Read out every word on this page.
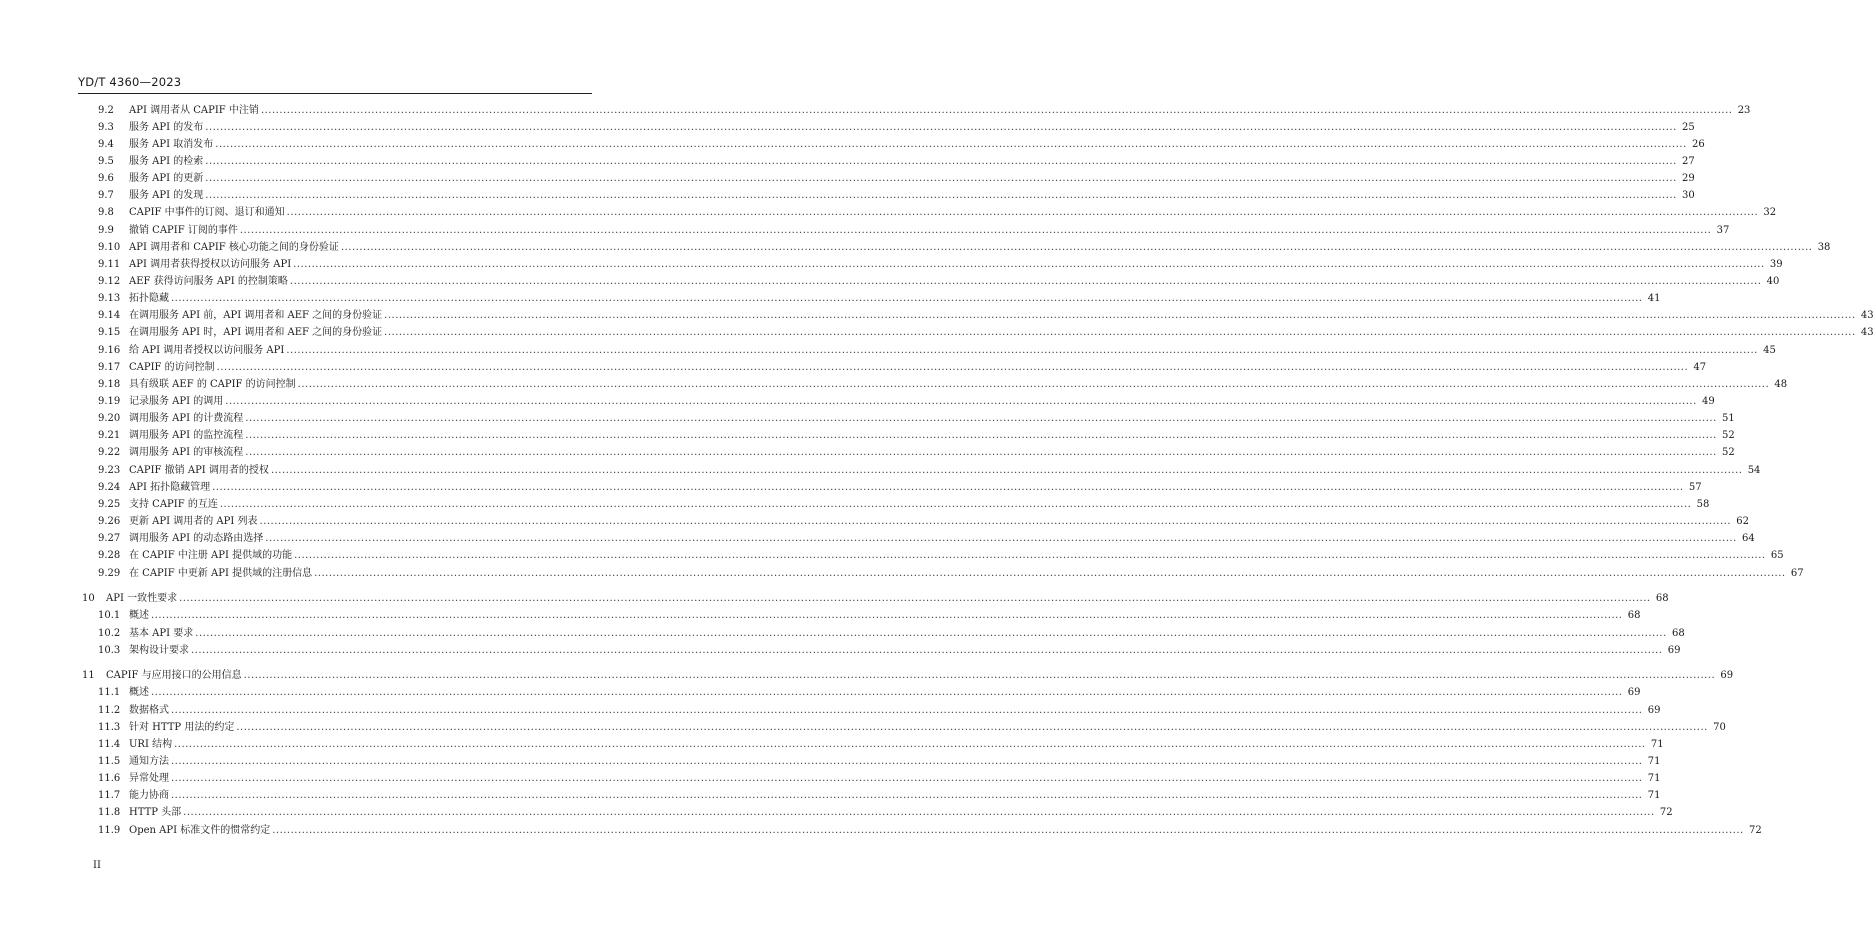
YD/T 4360—2023
9.2	API 调用者从 CAPIF 中注销 ................................................................................................................................................................................................................................................................................................................................................................................................................ 23
9.3	服务 API 的发布 ................................................................................................................................................................................................................................................................................................................................................................................................................ 25
9.4	服务 API 取消发布 ................................................................................................................................................................................................................................................................................................................................................................................................................ 26
9.5	服务 API 的检索 ................................................................................................................................................................................................................................................................................................................................................................................................................ 27
9.6	服务 API 的更新 ................................................................................................................................................................................................................................................................................................................................................................................................................ 29
9.7	服务 API 的发现 ................................................................................................................................................................................................................................................................................................................................................................................................................ 30
9.8	CAPIF 中事件的订阅、退订和通知 ................................................................................................................................................................................................................................................................................................................................................................................................................ 32
9.9	撤销 CAPIF 订阅的事件 ................................................................................................................................................................................................................................................................................................................................................................................................................ 37
9.10 API 调用者和 CAPIF 核心功能之间的身份验证 ................................................................................................................................................................................................................................................................................................................................................................................................................ 38
9.11 API 调用者获得授权以访问服务 API ................................................................................................................................................................................................................................................................................................................................................................................................................ 39
9.12 AEF 获得访问服务 API 的控制策略 ................................................................................................................................................................................................................................................................................................................................................................................................................ 40
9.13 拓扑隐藏 ................................................................................................................................................................................................................................................................................................................................................................................................................ 41
9.14 在调用服务 API 前，API 调用者和 AEF 之间的身份验证 ................................................................................................................................................................................................................................................................................................................................................................................................................ 43
9.15 在调用服务 API 时，API 调用者和 AEF 之间的身份验证 ................................................................................................................................................................................................................................................................................................................................................................................................................ 43
9.16 给 API 调用者授权以访问服务 API ................................................................................................................................................................................................................................................................................................................................................................................................................ 45
9.17 CAPIF 的访问控制 ................................................................................................................................................................................................................................................................................................................................................................................................................ 47
9.18 具有级联 AEF 的 CAPIF 的访问控制 ................................................................................................................................................................................................................................................................................................................................................................................................................ 48
9.19 记录服务 API 的调用 ................................................................................................................................................................................................................................................................................................................................................................................................................ 49
9.20 调用服务 API 的计费流程 ................................................................................................................................................................................................................................................................................................................................................................................................................ 51
9.21 调用服务 API 的监控流程 ................................................................................................................................................................................................................................................................................................................................................................................................................ 52
9.22 调用服务 API 的审核流程 ................................................................................................................................................................................................................................................................................................................................................................................................................ 52
9.23 CAPIF 撤销 API 调用者的授权 ................................................................................................................................................................................................................................................................................................................................................................................................................ 54
9.24 API 拓扑隐藏管理 ................................................................................................................................................................................................................................................................................................................................................................................................................ 57
9.25 支持 CAPIF 的互连 ................................................................................................................................................................................................................................................................................................................................................................................................................ 58
9.26 更新 API 调用者的 API 列表 ................................................................................................................................................................................................................................................................................................................................................................................................................ 62
9.27 调用服务 API 的动态路由选择 ................................................................................................................................................................................................................................................................................................................................................................................................................ 64
9.28 在 CAPIF 中注册 API 提供域的功能 ................................................................................................................................................................................................................................................................................................................................................................................................................ 65
9.29 在 CAPIF 中更新 API 提供域的注册信息 ................................................................................................................................................................................................................................................................................................................................................................................................................ 67
10	API 一致性要求 ................................................................................................................................................................................................................................................................................................................................................................................................................ 68
10.1 概述 ................................................................................................................................................................................................................................................................................................................................................................................................................ 68
10.2 基本 API 要求 ................................................................................................................................................................................................................................................................................................................................................................................................................ 68
10.3 架构设计要求 ................................................................................................................................................................................................................................................................................................................................................................................................................ 69
11	CAPIF 与应用接口的公用信息 ................................................................................................................................................................................................................................................................................................................................................................................................................ 69
11.1 概述 ................................................................................................................................................................................................................................................................................................................................................................................................................ 69
11.2 数据格式 ................................................................................................................................................................................................................................................................................................................................................................................................................ 69
11.3 针对 HTTP 用法的约定 ................................................................................................................................................................................................................................................................................................................................................................................................................ 70
11.4 URI 结构 ................................................................................................................................................................................................................................................................................................................................................................................................................ 71
11.5 通知方法 ................................................................................................................................................................................................................................................................................................................................................................................................................ 71
11.6 异常处理 ................................................................................................................................................................................................................................................................................................................................................................................................................ 71
11.7 能力协商 ................................................................................................................................................................................................................................................................................................................................................................................................................ 71
11.8 HTTP 头部 ................................................................................................................................................................................................................................................................................................................................................................................................................ 72
11.9 Open API 标准文件的惯常约定 ................................................................................................................................................................................................................................................................................................................................................................................................................ 72
II
